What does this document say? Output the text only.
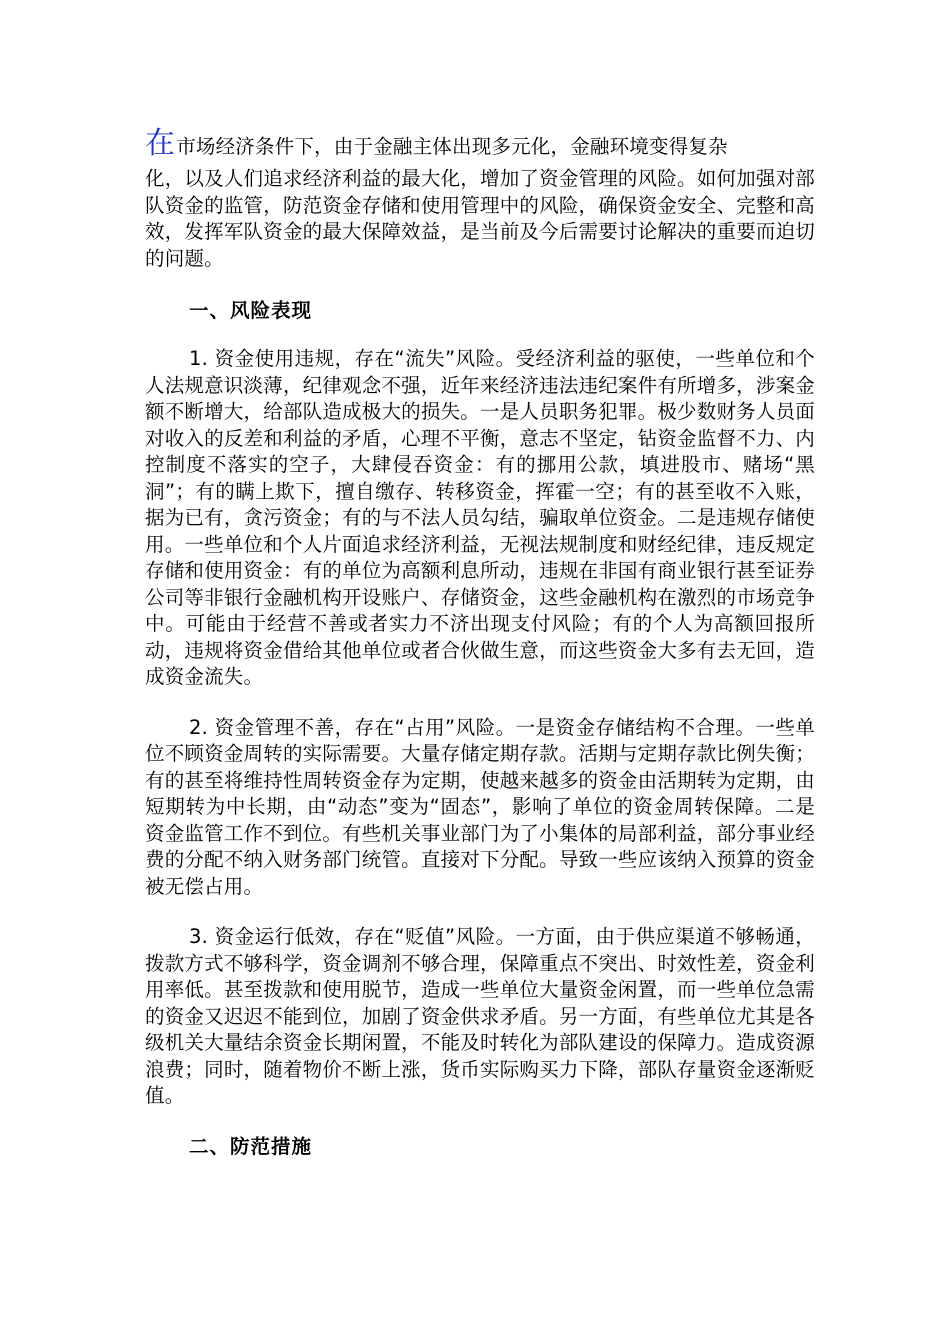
在市场经济条件下，由于金融主体出现多元化，金融环境变得复杂
化，以及人们追求经济利益的最大化，增加了资金管理的风险。如何加强对部队资金的监管，防范资金存储和使用管理中的风险，确保资金安全、完整和高效，发挥军队资金的最大保障效益，是当前及今后需要讨论解决的重要而迫切的问题。
一、风险表现

1. 资金使用违规，存在“流失”风险。受经济利益的驱使，一些单位和个人法规意识淡薄，纪律观念不强，近年来经济违法违纪案件有所增多，涉案金额不断增大，给部队造成极大的损失。一是人员职务犯罪。极少数财务人员面对收入的反差和利益的矛盾，心理不平衡，意志不坚定，钻资金监督不力、内控制度不落实的空子，大肆侵吞资金：有的挪用公款，填进股市、赌场“黑洞”；有的瞒上欺下，擅自缴存、转移资金，挥霍一空；有的甚至收不入账，据为已有，贪污资金；有的与不法人员勾结，骗取单位资金。二是违规存储使用。一些单位和个人片面追求经济利益，无视法规制度和财经纪律，违反规定存储和使用资金：有的单位为高额利息所动，违规在非国有商业银行甚至证券公司等非银行金融机构开设账户、存储资金，这些金融机构在激烈的市场竞争中。可能由于经营不善或者实力不济出现支付风险；有的个人为高额回报所动，违规将资金借给其他单位或者合伙做生意，而这些资金大多有去无回，造成资金流失。

2. 资金管理不善，存在“占用”风险。一是资金存储结构不合理。一些单位不顾资金周转的实际需要。大量存储定期存款。活期与定期存款比例失衡；有的甚至将维持性周转资金存为定期，使越来越多的资金由活期转为定期，由短期转为中长期，由“动态”变为“固态”，影响了单位的资金周转保障。二是资金监管工作不到位。有些机关事业部门为了小集体的局部利益，部分事业经费的分配不纳入财务部门统管。直接对下分配。导致一些应该纳入预算的资金被无偿占用。

3. 资金运行低效，存在“贬值”风险。一方面，由于供应渠道不够畅通，拨款方式不够科学，资金调剂不够合理，保障重点不突出、时效性差，资金利用率低。甚至拨款和使用脱节，造成一些单位大量资金闲置，而一些单位急需的资金又迟迟不能到位，加剧了资金供求矛盾。另一方面，有些单位尤其是各级机关大量结余资金长期闲置，不能及时转化为部队建设的保障力。造成资源浪费；同时，随着物价不断上涨，货币实际购买力下降，部队存量资金逐渐贬值。

二、防范措施
